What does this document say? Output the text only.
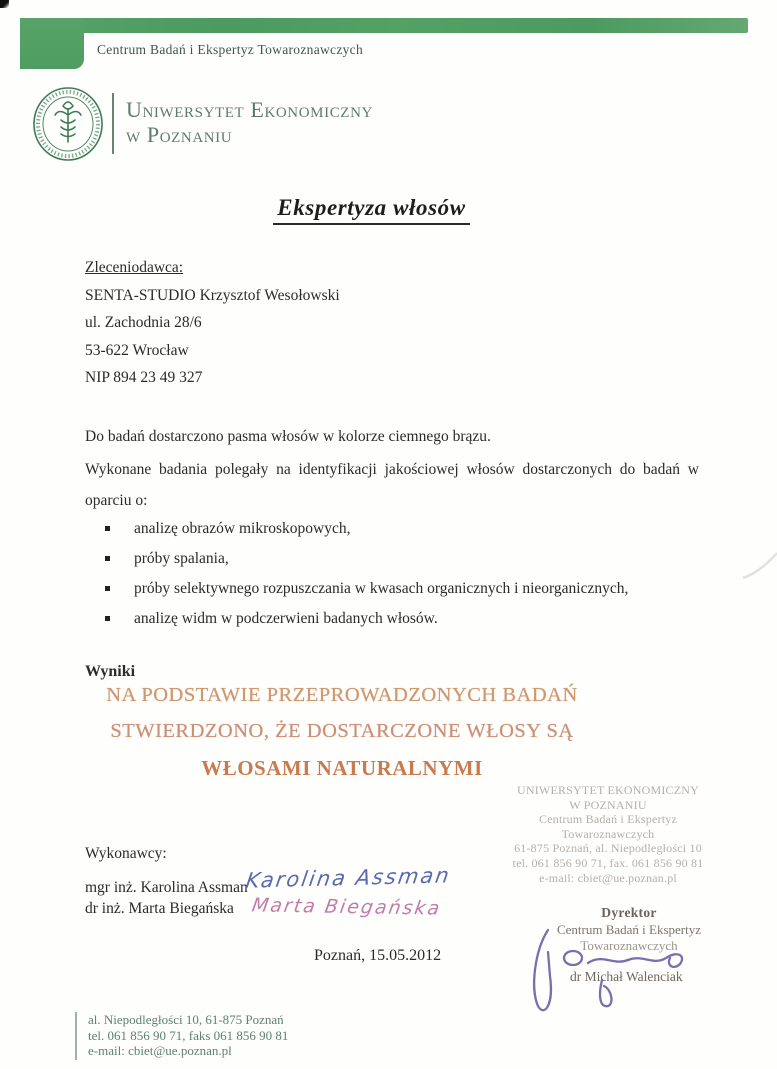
Centrum Badań i Ekspertyz Towaroznawczych
Uniwersytet Ekonomiczny
w Poznaniu
Ekspertyza włosów
Zleceniodawca:
SENTA-STUDIO Krzysztof Wesołowski
ul. Zachodnia 28/6
53-622 Wrocław
NIP 894 23 49 327
Do badań dostarczono pasma włosów w kolorze ciemnego brązu.
Wykonane badania polegały na identyfikacji jakościowej włosów dostarczonych do badań w oparciu o:
analizę obrazów mikroskopowych,
próby spalania,
próby selektywnego rozpuszczania w kwasach organicznych i nieorganicznych,
analizę widm w podczerwieni badanych włosów.
Wyniki
NA PODSTAWIE PRZEPROWADZONYCH BADAŃ
STWIERDZONO, ŻE DOSTARCZONE WŁOSY SĄ
WŁOSAMI NATURALNYMI
UNIWERSYTET EKONOMICZNY
W POZNANIU
Centrum Badań i Ekspertyz
Towaroznawczych
61-875 Poznań, al. Niepodległości 10
tel. 061 856 90 71, fax. 061 856 90 81
e-mail: cbiet@ue.poznan.pl
Wykonawcy:
mgr inż. Karolina Assman
dr inż. Marta Biegańska
Karolina Assman
Marta Biegańska
Poznań, 15.05.2012
Dyrektor
Centrum Badań i Ekspertyz
Towaroznawczych
dr Michał Walenciak
al. Niepodległości 10, 61-875 Poznań
tel. 061 856 90 71, faks 061 856 90 81
e-mail: cbiet@ue.poznan.pl
